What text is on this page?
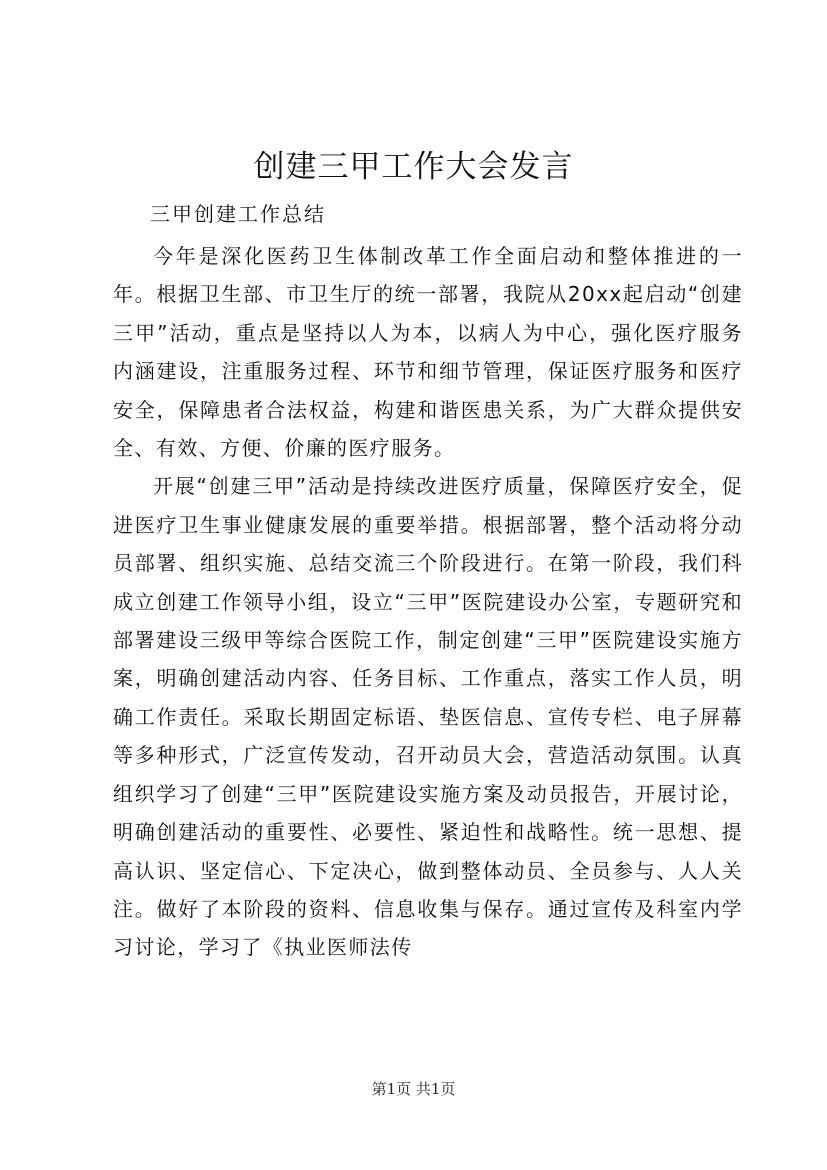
创建三甲工作大会发言
三甲创建工作总结

今年是深化医药卫生体制改革工作全面启动和整体推进的一年。根据卫生部、市卫生厅的统一部署，我院从20xx起启动“创建三甲”活动，重点是坚持以人为本，以病人为中心，强化医疗服务内涵建设，注重服务过程、环节和细节管理，保证医疗服务和医疗安全，保障患者合法权益，构建和谐医患关系，为广大群众提供安全、有效、方便、价廉的医疗服务。

开展“创建三甲”活动是持续改进医疗质量，保障医疗安全，促进医疗卫生事业健康发展的重要举措。根据部署，整个活动将分动员部署、组织实施、总结交流三个阶段进行。在第一阶段，我们科成立创建工作领导小组，设立“三甲”医院建设办公室，专题研究和部署建设三级甲等综合医院工作，制定创建“三甲”医院建设实施方案，明确创建活动内容、任务目标、工作重点，落实工作人员，明确工作责任。采取长期固定标语、垫医信息、宣传专栏、电子屏幕等多种形式，广泛宣传发动，召开动员大会，营造活动氛围。认真组织学习了创建“三甲”医院建设实施方案及动员报告，开展讨论，明确创建活动的重要性、必要性、紧迫性和战略性。统一思想、提高认识、坚定信心、下定决心，做到整体动员、全员参与、人人关注。做好了本阶段的资料、信息收集与保存。通过宣传及科室内学习讨论，学习了《执业医师法传

第1页 共1页
